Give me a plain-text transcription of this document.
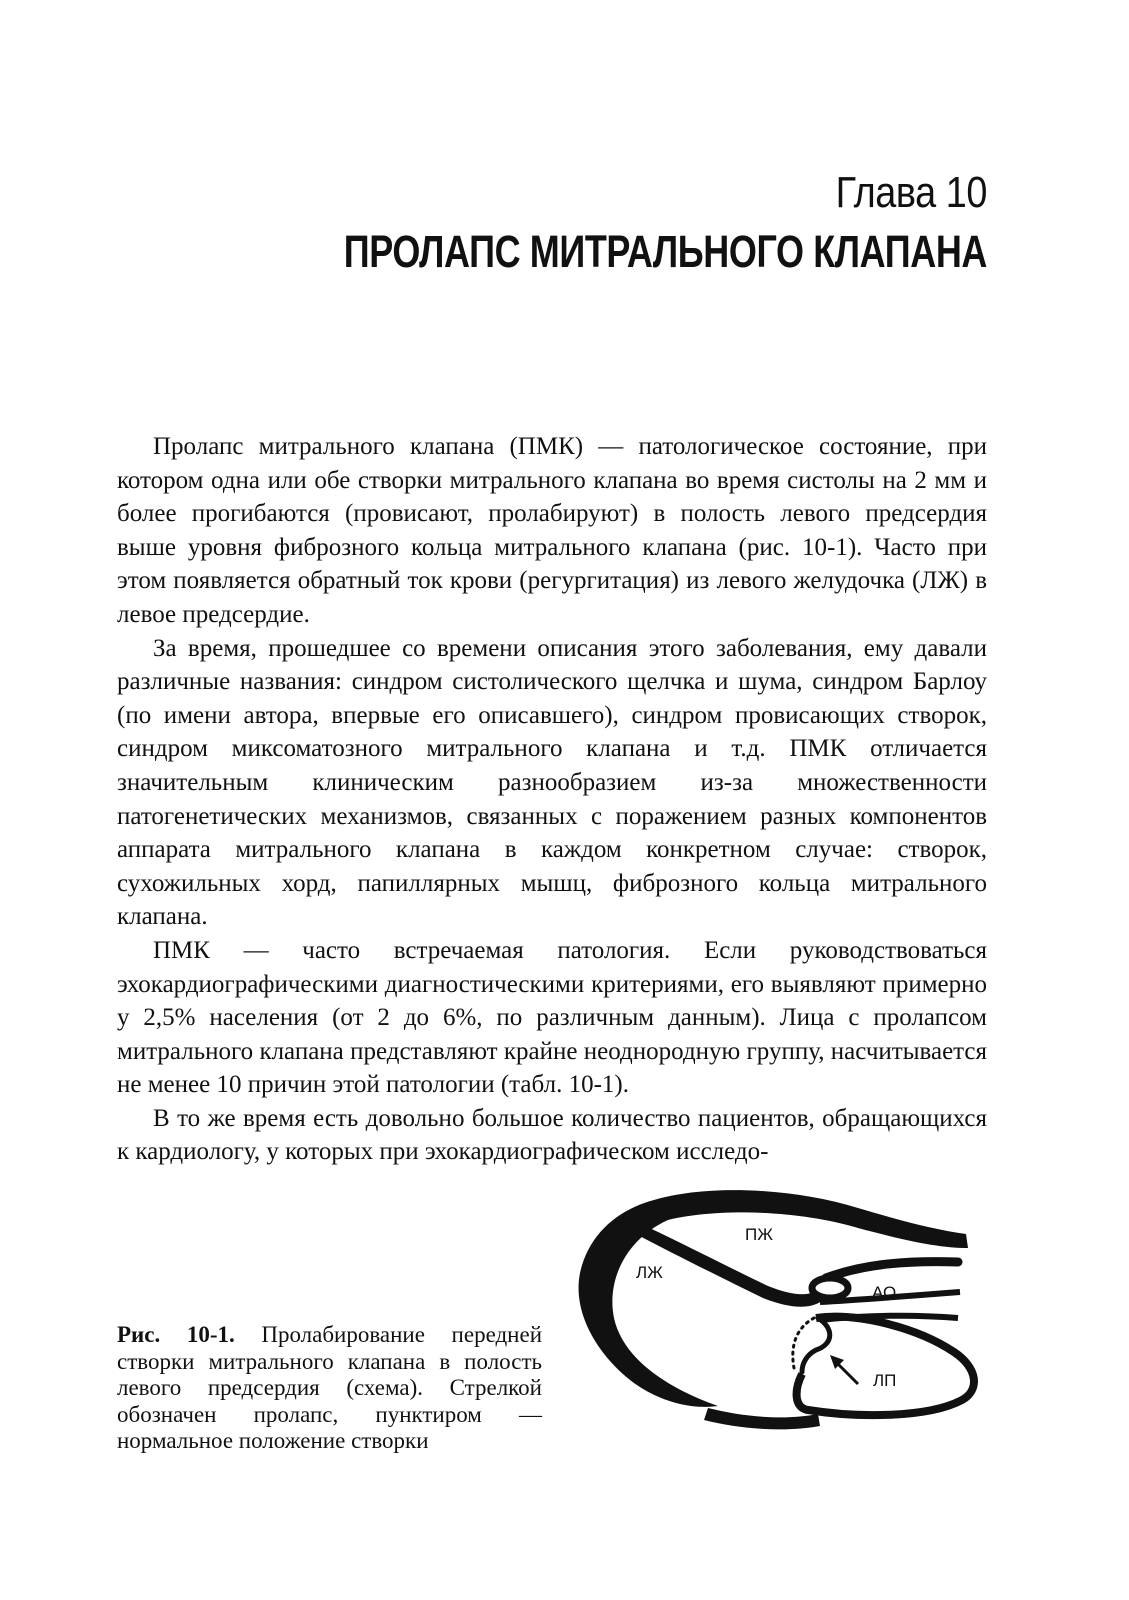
Глава 10
ПРОЛАПС МИТРАЛЬНОГО КЛАПАНА

Пролапс митрального клапана (ПМК) — патологическое состояние, при котором одна или обе створки митрального клапана во время систолы на 2 мм и более прогибаются (провисают, пролабируют) в полость левого предсердия выше уровня фиброзного кольца митрального клапана (рис. 10-1). Часто при этом появляется обратный ток крови (регургитация) из левого желудочка (ЛЖ) в левое предсердие.

За время, прошедшее со времени описания этого заболевания, ему давали различные названия: синдром систолического щелчка и шума, синдром Барлоу (по имени автора, впервые его описавшего), синдром провисающих створок, синдром миксоматозного митрального клапана и т.д. ПМК отличается значительным клиническим разнообразием из-за множественности патогенетических механизмов, связанных с поражением разных компонентов аппарата митрального клапана в каждом конкретном случае: створок, сухожильных хорд, папиллярных мышц, фиброзного кольца митрального клапана.

ПМК — часто встречаемая патология. Если руководствоваться эхокардиографическими диагностическими критериями, его выявляют примерно у 2,5% населения (от 2 до 6%, по различным данным). Лица с пролапсом митрального клапана представляют крайне неоднородную группу, насчитывается не менее 10 причин этой патологии (табл. 10-1).

В то же время есть довольно большое количество пациентов, обращающихся к кардиологу, у которых при эхокардиографическом исследо-

Рис. 10-1. Пролабирование передней створки митрального клапана в полость левого предсердия (схема). Стрелкой обозначен пролапс, пунктиром — нормальное положение створки
ПЖ
ЛЖ
АО
ЛП
